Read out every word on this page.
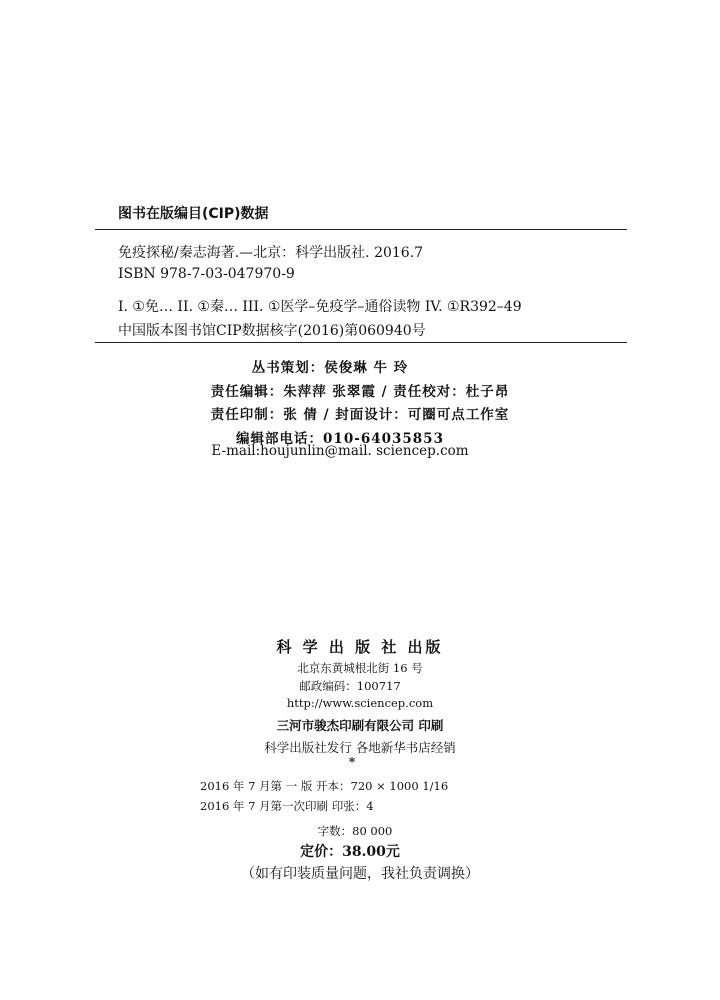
图书在版编目(CIP)数据
免疫探秘/秦志海著.—北京：科学出版社. 2016.7
ISBN 978-7-03-047970-9
I. ①免… II. ①秦… III. ①医学–免疫学–通俗读物 IV. ①R392–49
中国版本图书馆CIP数据核字(2016)第060940号
丛书策划：侯俊琳 牛 玲
责任编辑：朱萍萍 张翠霞 / 责任校对：杜子昂
责任印制：张 倩 / 封面设计：可圈可点工作室
编辑部电话：010-64035853
E-mail:houjunlin@mail. sciencep.com
科 学 出 版 社 出版
北京东黄城根北街 16 号
邮政编码：100717
http://www.sciencep.com
三河市骏杰印刷有限公司 印刷
科学出版社发行 各地新华书店经销
*
2016 年 7 月第 一 版 开本：720 × 1000 1/16
2016 年 7 月第一次印刷 印张：4
字数：80 000
定价：38.00元
（如有印装质量问题，我社负责调换）
